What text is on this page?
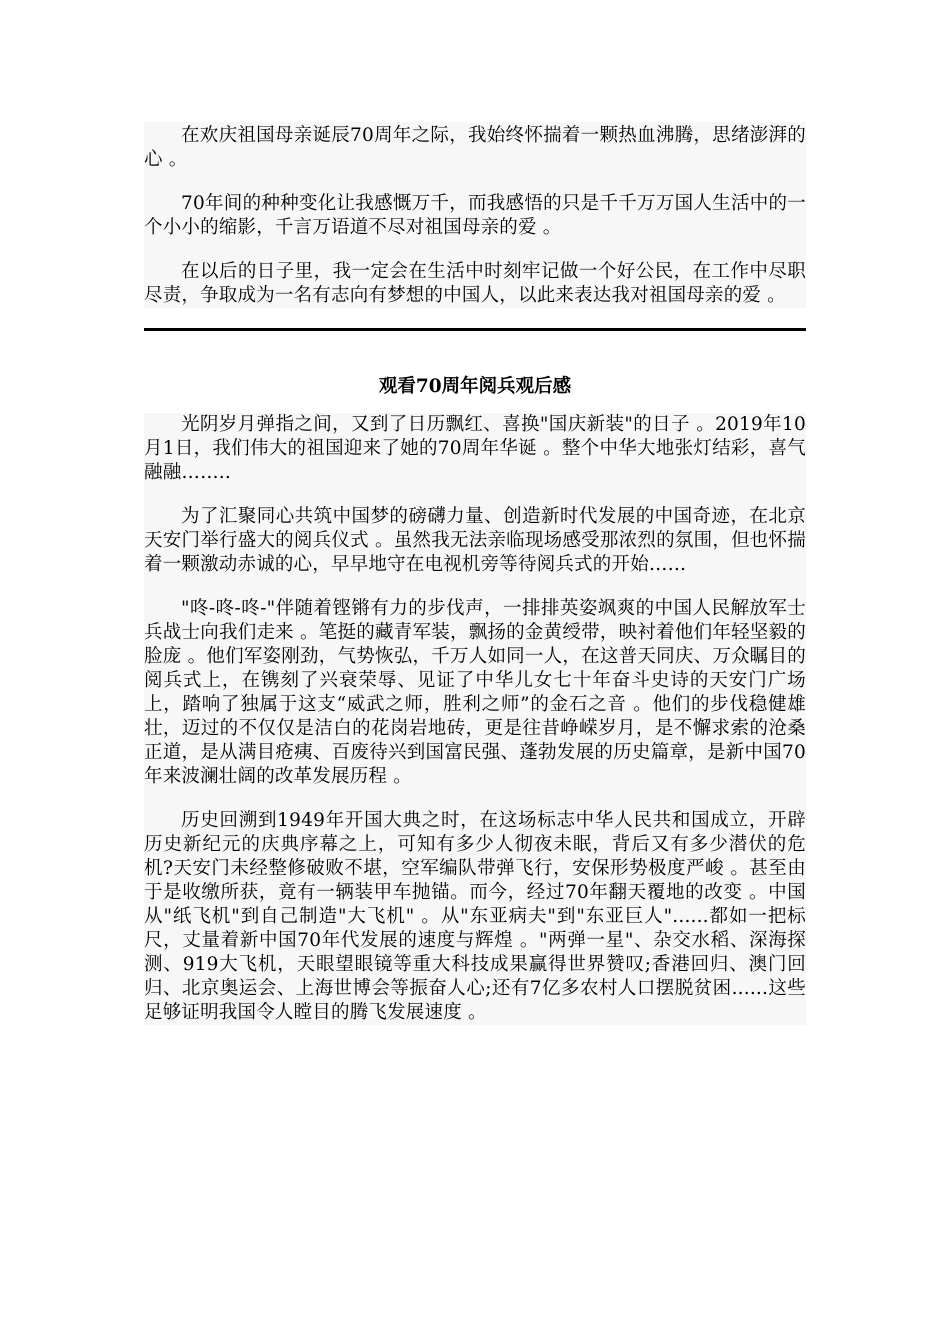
在欢庆祖国母亲诞辰70周年之际，我始终怀揣着一颗热血沸腾，思绪澎湃的心 。

70年间的种种变化让我感慨万千，而我感悟的只是千千万万国人生活中的一个小小的缩影，千言万语道不尽对祖国母亲的爱 。

在以后的日子里，我一定会在生活中时刻牢记做一个好公民，在工作中尽职尽责，争取成为一名有志向有梦想的中国人，以此来表达我对祖国母亲的爱 。

观看70周年阅兵观后感

光阴岁月弹指之间，又到了日历飘红、喜换"国庆新装"的日子 。2019年10月1日，我们伟大的祖国迎来了她的70周年华诞 。整个中华大地张灯结彩，喜气融融……..

为了汇聚同心共筑中国梦的磅礴力量、创造新时代发展的中国奇迹，在北京天安门举行盛大的阅兵仪式 。虽然我无法亲临现场感受那浓烈的氛围，但也怀揣着一颗激动赤诚的心，早早地守在电视机旁等待阅兵式的开始……

"咚-咚-咚-"伴随着铿锵有力的步伐声，一排排英姿飒爽的中国人民解放军士兵战士向我们走来 。笔挺的藏青军装，飘扬的金黄绶带，映衬着他们年轻坚毅的脸庞 。他们军姿刚劲，气势恢弘，千万人如同一人，在这普天同庆、万众瞩目的阅兵式上，在镌刻了兴衰荣辱、见证了中华儿女七十年奋斗史诗的天安门广场上，踏响了独属于这支“威武之师，胜利之师”的金石之音 。他们的步伐稳健雄壮，迈过的不仅仅是洁白的花岗岩地砖，更是往昔峥嵘岁月，是不懈求索的沧桑正道，是从满目疮痍、百废待兴到国富民强、蓬勃发展的历史篇章，是新中国70年来波澜壮阔的改革发展历程 。

历史回溯到1949年开国大典之时，在这场标志中华人民共和国成立，开辟历史新纪元的庆典序幕之上，可知有多少人彻夜未眠，背后又有多少潜伏的危机?天安门未经整修破败不堪，空军编队带弹飞行，安保形势极度严峻 。甚至由于是收缴所获，竟有一辆装甲车抛锚。而今，经过70年翻天覆地的改变 。中国从"纸飞机"到自己制造"大飞机" 。从"东亚病夫"到"东亚巨人"......都如一把标尺，丈量着新中国70年代发展的速度与辉煌 。"两弹一星"、杂交水稻、深海探测、919大飞机，天眼望眼镜等重大科技成果赢得世界赞叹;香港回归、澳门回归、北京奥运会、上海世博会等振奋人心;还有7亿多农村人口摆脱贫困......这些足够证明我国令人瞠目的腾飞发展速度 。
